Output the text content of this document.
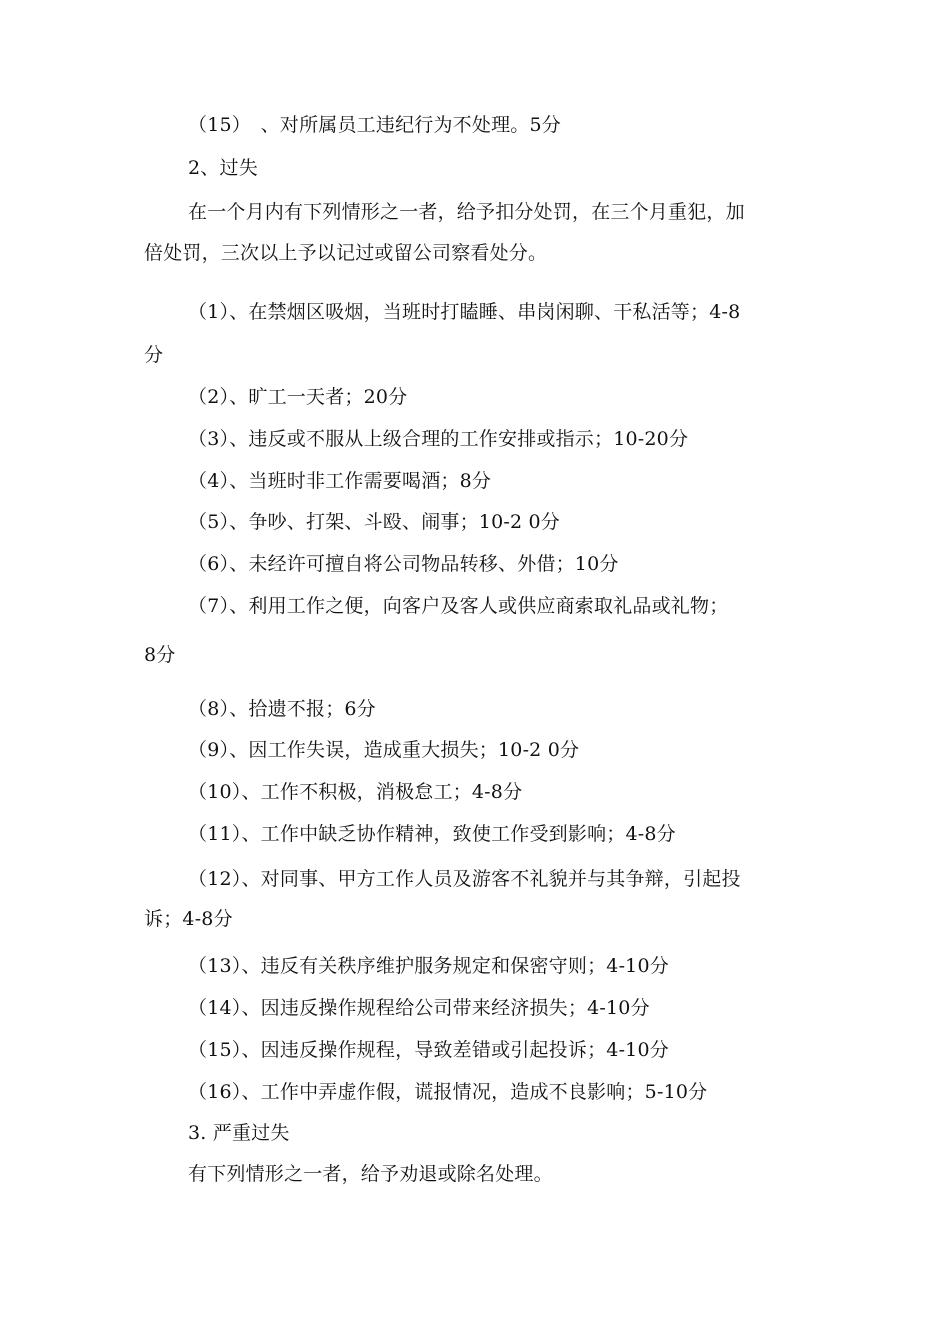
（15）　、对所属员工违纪行为不处理。5分
2、过失
在一个月内有下列情形之一者，给予扣分处罚，在三个月重犯，加
倍处罚，三次以上予以记过或留公司察看处分。
（1）、在禁烟区吸烟，当班时打瞌睡、串岗闲聊、干私活等；4-8
分
（2）、旷工一天者；20分
（3）、违反或不服从上级合理的工作安排或指示；10-20分
（4）、当班时非工作需要喝酒；8分
（5）、争吵、打架、斗殴、闹事；10-2 0分
（6）、未经许可擅自将公司物品转移、外借；10分
（7）、利用工作之便，向客户及客人或供应商索取礼品或礼物；
8分
（8）、拾遗不报；6分
（9）、因工作失误，造成重大损失；10-2 0分
（10）、工作不积极，消极怠工；4-8分
（11）、工作中缺乏协作精神，致使工作受到影响；4-8分
（12）、对同事、甲方工作人员及游客不礼貌并与其争辩，引起投
诉；4-8分
（13）、违反有关秩序维护服务规定和保密守则；4-10分
（14）、因违反操作规程给公司带来经济损失；4-10分
（15）、因违反操作规程，导致差错或引起投诉；4-10分
（16）、工作中弄虚作假，谎报情况，造成不良影响；5-10分
3. 严重过失
有下列情形之一者，给予劝退或除名处理。
